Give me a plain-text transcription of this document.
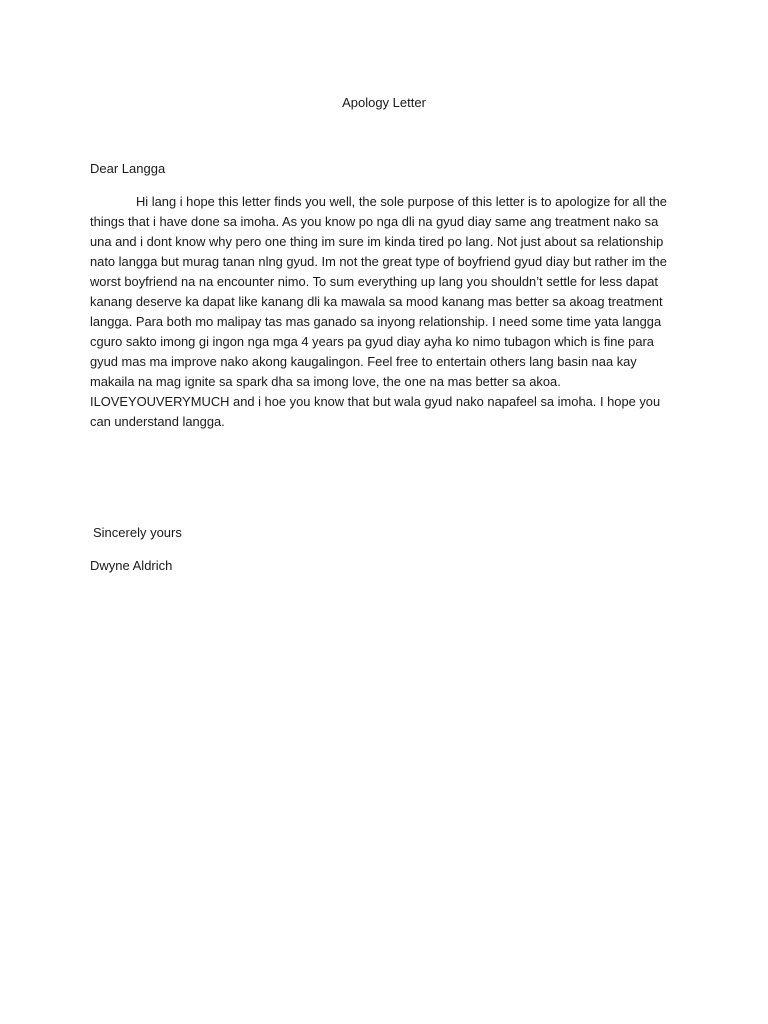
Apology Letter
Dear Langga

Hi lang i hope this letter finds you well, the sole purpose of this letter is to apologize for all the things that i have done sa imoha. As you know po nga dli na gyud diay same ang treatment nako sa una and i dont know why pero one thing im sure im kinda tired po lang. Not just about sa relationship nato langga but murag tanan nlng gyud. Im not the great type of boyfriend gyud diay but rather im the worst boyfriend na na encounter nimo. To sum everything up lang you shouldn’t settle for less dapat kanang deserve ka dapat like kanang dli ka mawala sa mood kanang mas better sa akoag treatment langga. Para both mo malipay tas mas ganado sa inyong relationship. I need some time yata langga cguro sakto imong gi ingon nga mga 4 years pa gyud diay ayha ko nimo tubagon which is fine para gyud mas ma improve nako akong kaugalingon. Feel free to entertain others lang basin naa kay makaila na mag ignite sa spark dha sa imong love, the one na mas better sa akoa. ILOVEYOUVERYMUCH and i hoe you know that but wala gyud nako napafeel sa imoha. I hope you can understand langga.

Sincerely yours
Dwyne Aldrich
